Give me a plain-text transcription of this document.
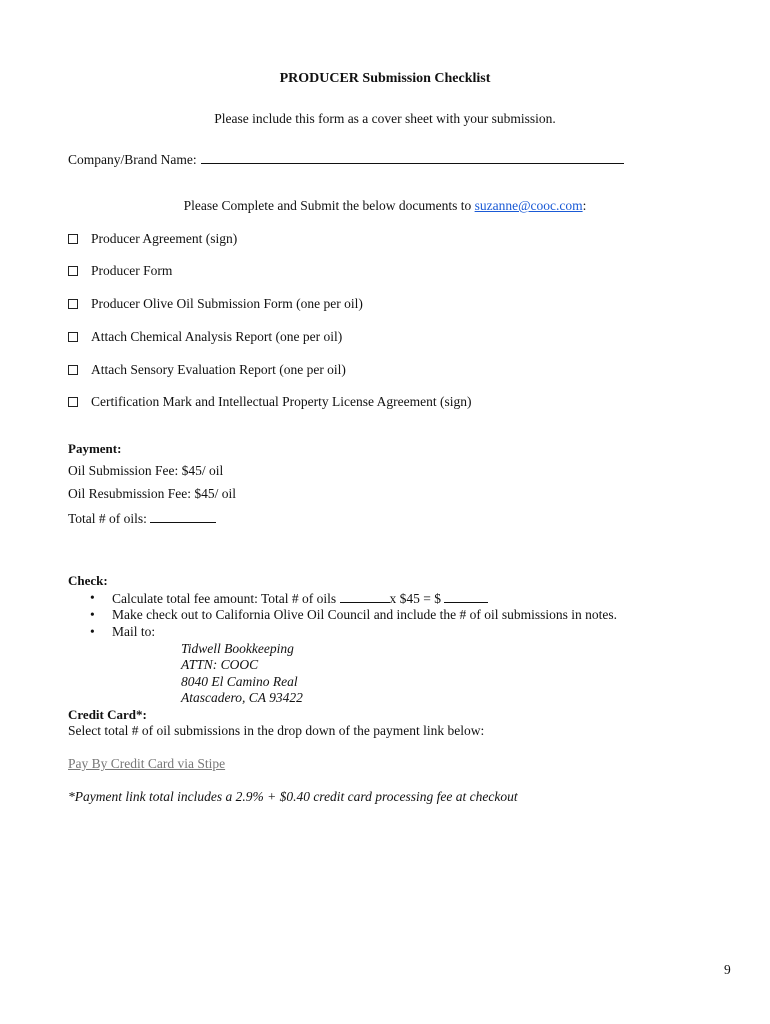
PRODUCER Submission Checklist
Please include this form as a cover sheet with your submission.
Company/Brand Name:
Please Complete and Submit the below documents to suzanne@cooc.com:
Producer Agreement (sign)
Producer Form
Producer Olive Oil Submission Form (one per oil)
Attach Chemical Analysis Report (one per oil)
Attach Sensory Evaluation Report (one per oil)
Certification Mark and Intellectual Property License Agreement (sign)
Payment:
Oil Submission Fee: $45/ oil
Oil Resubmission Fee: $45/ oil
Total # of oils:
Check:
•	Calculate total fee amount: Total # of oils	x $45 = $
•	Make check out to California Olive Oil Council and include the # of oil submissions in notes.
•	Mail to:
Tidwell Bookkeeping
ATTN: COOC
8040 El Camino Real
Atascadero, CA 93422
Credit Card*:
Select total # of oil submissions in the drop down of the payment link below:
Pay By Credit Card via Stipe
*Payment link total includes a 2.9% + $0.40 credit card processing fee at checkout
9
